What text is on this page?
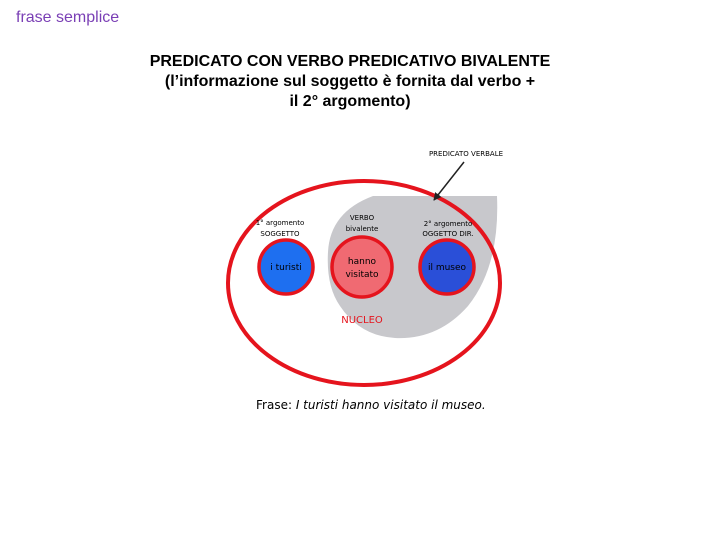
frase semplice
PREDICATO CON VERBO PREDICATIVO BIVALENTE
(l’informazione sul soggetto è fornita dal verbo +
il 2° argomento)
PREDICATO VERBALE
1° argomento
SOGGETTO
VERBO
bivalente
2° argomento
OGGETTO DIR.
i turisti
hanno
visitato
il museo
NUCLEO
Frase: I turisti hanno visitato il museo.
